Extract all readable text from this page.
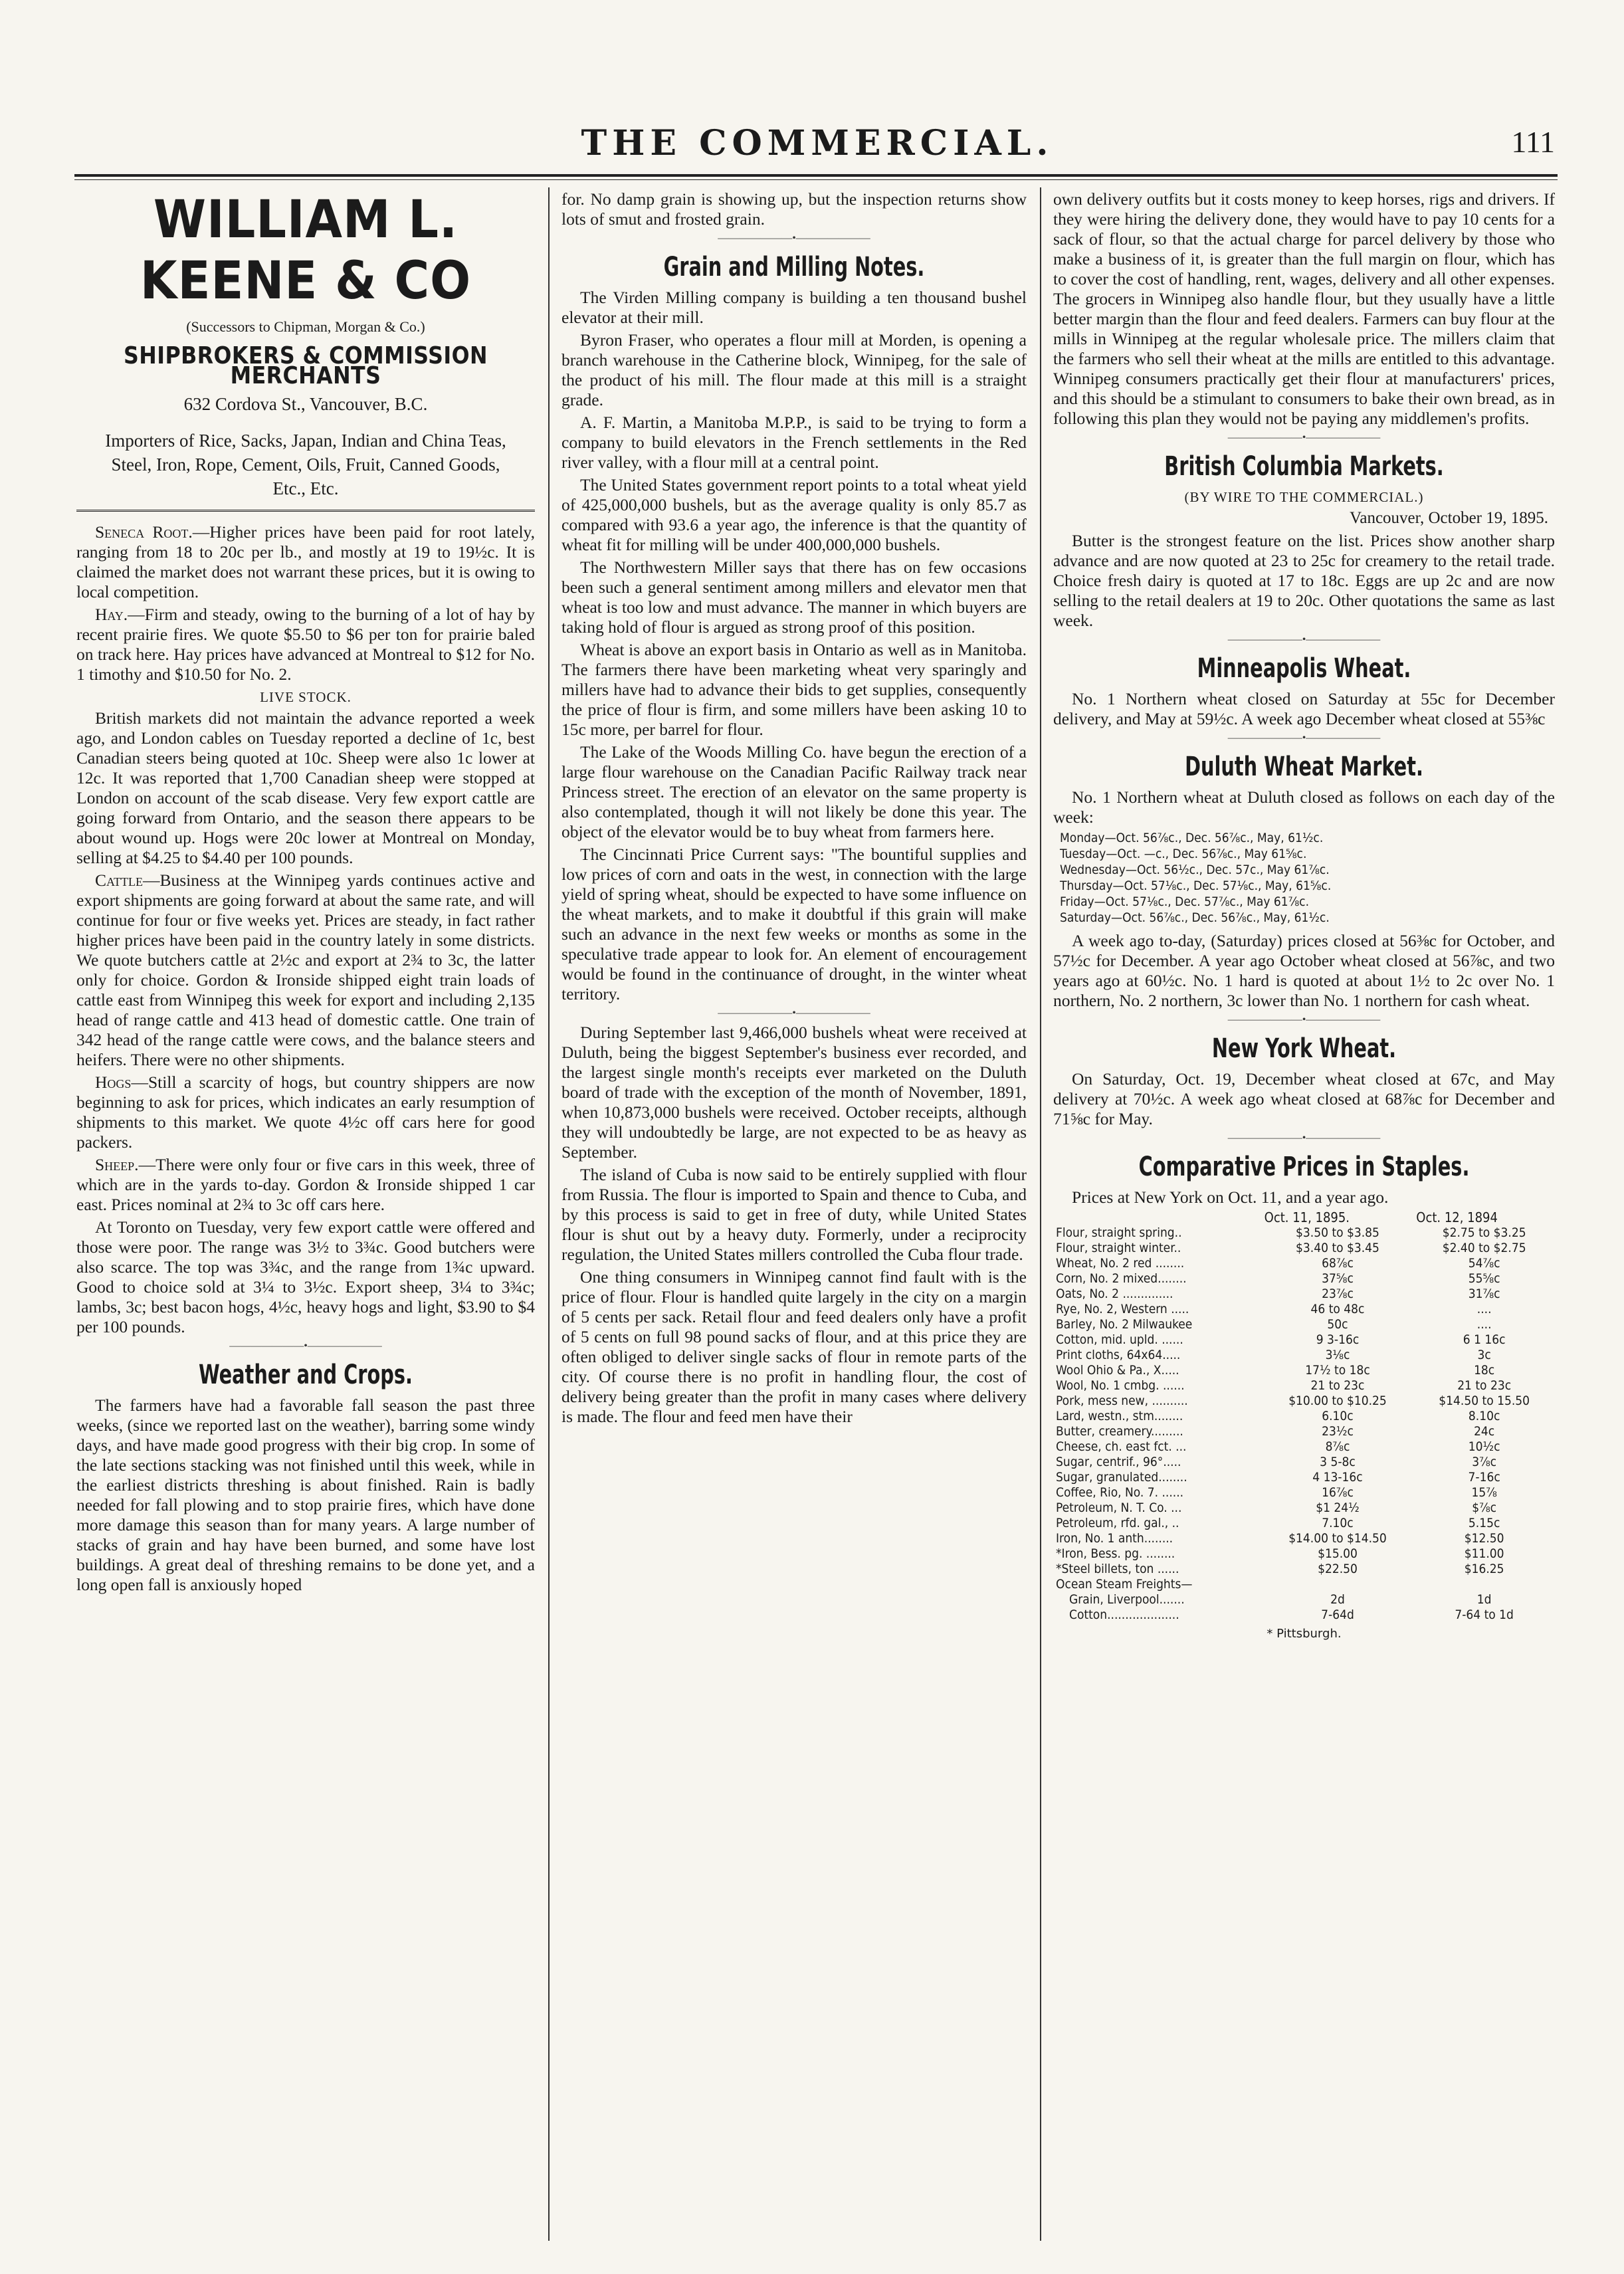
THE COMMERCIAL.	111
WILLIAM L. KEENE & CO
(Successors to Chipman, Morgan & Co.)
SHIPBROKERS & COMMISSION MERCHANTS
632 Cordova St., Vancouver, B.C.
Importers of Rice, Sacks, Japan, Indian and China Teas, Steel, Iron, Rope, Cement, Oils, Fruit, Canned Goods, Etc., Etc.

Seneca Root.—Higher prices have been paid for root lately, ranging from 18 to 20c per lb., and mostly at 19 to 19½c. It is claimed the market does not warrant these prices, but it is owing to local competition.

Hay.—Firm and steady, owing to the burning of a lot of hay by recent prairie fires. We quote $5.50 to $6 per ton for prairie baled on track here. Hay prices have advanced at Montreal to $12 for No. 1 timothy and $10.50 for No. 2.

LIVE STOCK.

British markets did not maintain the advance reported a week ago, and London cables on Tuesday reported a decline of 1c, best Canadian steers being quoted at 10c. Sheep were also 1c lower at 12c. It was reported that 1,700 Canadian sheep were stopped at London on account of the scab disease. Very few export cattle are going forward from Ontario, and the season there appears to be about wound up. Hogs were 20c lower at Montreal on Monday, selling at $4.25 to $4.40 per 100 pounds.

Cattle—Business at the Winnipeg yards continues active and export shipments are going forward at about the same rate, and will continue for four or five weeks yet. Prices are steady, in fact rather higher prices have been paid in the country lately in some districts. We quote butchers cattle at 2½c and export at 2¾ to 3c, the latter only for choice. Gordon & Ironside shipped eight train loads of cattle east from Winnipeg this week for export and including 2,135 head of range cattle and 413 head of domestic cattle. One train of 342 head of the range cattle were cows, and the balance steers and heifers. There were no other shipments.

Hogs—Still a scarcity of hogs, but country shippers are now beginning to ask for prices, which indicates an early resumption of shipments to this market. We quote 4½c off cars here for good packers.

Sheep.—There were only four or five cars in this week, three of which are in the yards to-day. Gordon & Ironside shipped 1 car east. Prices nominal at 2¾ to 3c off cars here.

At Toronto on Tuesday, very few export cattle were offered and those were poor. The range was 3½ to 3¾c. Good butchers were also scarce. The top was 3¾c, and the range from 1¾c upward. Good to choice sold at 3¼ to 3½c. Export sheep, 3¼ to 3¾c; lambs, 3c; best bacon hogs, 4½c, heavy hogs and light, $3.90 to $4 per 100 pounds.

———————•———————
Weather and Crops.

The farmers have had a favorable fall season the past three weeks, (since we reported last on the weather), barring some windy days, and have made good progress with their big crop. In some of the late sections stacking was not finished until this week, while in the earliest districts threshing is about finished. Rain is badly needed for fall plowing and to stop prairie fires, which have done more damage this season than for many years. A large number of stacks of grain and hay have been burned, and some have lost buildings. A great deal of threshing remains to be done yet, and a long open fall is anxiously hoped

for. No damp grain is showing up, but the inspection returns show lots of smut and frosted grain.

———————•———————
Grain and Milling Notes.

The Virden Milling company is building a ten thousand bushel elevator at their mill.

Byron Fraser, who operates a flour mill at Morden, is opening a branch warehouse in the Catherine block, Winnipeg, for the sale of the product of his mill. The flour made at this mill is a straight grade.

A. F. Martin, a Manitoba M.P.P., is said to be trying to form a company to build elevators in the French settlements in the Red river valley, with a flour mill at a central point.

The United States government report points to a total wheat yield of 425,000,000 bushels, but as the average quality is only 85.7 as compared with 93.6 a year ago, the inference is that the quantity of wheat fit for milling will be under 400,000,000 bushels.

The Northwestern Miller says that there has on few occasions been such a general sentiment among millers and elevator men that wheat is too low and must advance. The manner in which buyers are taking hold of flour is argued as strong proof of this position.

Wheat is above an export basis in Ontario as well as in Manitoba. The farmers there have been marketing wheat very sparingly and millers have had to advance their bids to get supplies, consequently the price of flour is firm, and some millers have been asking 10 to 15c more, per barrel for flour.

The Lake of the Woods Milling Co. have begun the erection of a large flour warehouse on the Canadian Pacific Railway track near Princess street. The erection of an elevator on the same property is also contemplated, though it will not likely be done this year. The object of the elevator would be to buy wheat from farmers here.

The Cincinnati Price Current says: "The bountiful supplies and low prices of corn and oats in the west, in connection with the large yield of spring wheat, should be expected to have some influence on the wheat markets, and to make it doubtful if this grain will make such an advance in the next few weeks or months as some in the speculative trade appear to look for. An element of encouragement would be found in the continuance of drought, in the winter wheat territory.

———————•———————

During September last 9,466,000 bushels wheat were received at Duluth, being the biggest September's business ever recorded, and the largest single month's receipts ever marketed on the Duluth board of trade with the exception of the month of November, 1891, when 10,873,000 bushels were received. October receipts, although they will undoubtedly be large, are not expected to be as heavy as September.

The island of Cuba is now said to be entirely supplied with flour from Russia. The flour is imported to Spain and thence to Cuba, and by this process is said to get in free of duty, while United States flour is shut out by a heavy duty. Formerly, under a reciprocity regulation, the United States millers controlled the Cuba flour trade.

One thing consumers in Winnipeg cannot find fault with is the price of flour. Flour is handled quite largely in the city on a margin of 5 cents per sack. Retail flour and feed dealers only have a profit of 5 cents on full 98 pound sacks of flour, and at this price they are often obliged to deliver single sacks of flour in remote parts of the city. Of course there is no profit in handling flour, the cost of delivery being greater than the profit in many cases where delivery is made. The flour and feed men have their

own delivery outfits but it costs money to keep horses, rigs and drivers. If they were hiring the delivery done, they would have to pay 10 cents for a sack of flour, so that the actual charge for parcel delivery by those who make a business of it, is greater than the full margin on flour, which has to cover the cost of handling, rent, wages, delivery and all other expenses. The grocers in Winnipeg also handle flour, but they usually have a little better margin than the flour and feed dealers. Farmers can buy flour at the mills in Winnipeg at the regular wholesale price. The millers claim that the farmers who sell their wheat at the mills are entitled to this advantage. Winnipeg consumers practically get their flour at manufacturers' prices, and this should be a stimulant to consumers to bake their own bread, as in following this plan they would not be paying any middlemen's profits.

———————•———————
British Columbia Markets.
(BY WIRE TO THE COMMERCIAL.)
Vancouver, October 19, 1895.

Butter is the strongest feature on the list. Prices show another sharp advance and are now quoted at 23 to 25c for creamery to the retail trade. Choice fresh dairy is quoted at 17 to 18c. Eggs are up 2c and are now selling to the retail dealers at 19 to 20c. Other quotations the same as last week.

———————•———————
Minneapolis Wheat.

No. 1 Northern wheat closed on Saturday at 55c for December delivery, and May at 59½c. A week ago December wheat closed at 55⅜c

———————•———————
Duluth Wheat Market.

No. 1 Northern wheat at Duluth closed as follows on each day of the week:

Monday—Oct. 56⅞c., Dec. 56⅞c., May, 61½c.
Tuesday—Oct. —c., Dec. 56⅞c., May 61⅝c.
Wednesday—Oct. 56½c., Dec. 57c., May 61⅞c.
Thursday—Oct. 57⅛c., Dec. 57⅛c., May, 61⅝c.
Friday—Oct. 57⅛c., Dec. 57⅞c., May 61⅞c.
Saturday—Oct. 56⅞c., Dec. 56⅞c., May, 61½c.

A week ago to-day, (Saturday) prices closed at 56⅜c for October, and 57½c for December. A year ago October wheat closed at 56⅞c, and two years ago at 60½c. No. 1 hard is quoted at about 1½ to 2c over No. 1 northern, No. 2 northern, 3c lower than No. 1 northern for cash wheat.

———————•———————
New York Wheat.

On Saturday, Oct. 19, December wheat closed at 67c, and May delivery at 70½c. A week ago wheat closed at 68⅞c for December and 71⅝c for May.

———————•———————
Comparative Prices in Staples.

Prices at New York on Oct. 11, and a year ago.

	Oct. 11, 1895.	Oct. 12, 1894
Flour, straight spring..	$3.50 to $3.85	$2.75 to $3.25
Flour, straight winter..	$3.40 to $3.45	$2.40 to $2.75
Wheat, No. 2 red ........	68⅞c	54⅞c
Corn, No. 2 mixed........	37⅝c	55⅝c
Oats, No. 2 ..............	23⅞c	31⅞c
Rye, No. 2, Western .....	46 to 48c	....
Barley, No. 2 Milwaukee	50c	....
Cotton, mid. upld. ......	9 3-16c	6 1 16c
Print cloths, 64x64.....	3⅛c	3c
Wool Ohio & Pa., X.....	17½ to 18c	18c
Wool, No. 1 cmbg. ......	21 to 23c	21 to 23c
Pork, mess new, ..........	$10.00 to $10.25	$14.50 to 15.50
Lard, westn., stm........	6.10c	8.10c
Butter, creamery.........	23½c	24c
Cheese, ch. east fct. ...	8⅞c	10½c
Sugar, centrif., 96°.....	3 5-8c	3⅞c
Sugar, granulated........	4 13-16c	7-16c
Coffee, Rio, No. 7. ......	16⅞c	15⅞
Petroleum, N. T. Co. ...	$1 24½	$⅞c
Petroleum, rfd. gal., ..	7.10c	5.15c
Iron, No. 1 anth........	$14.00 to $14.50	$12.50
*Iron, Bess. pg. ........	$15.00	$11.00
*Steel billets, ton ......	$22.50	$16.25
Ocean Steam Freights—		
Grain, Liverpool.......	2d	1d
Cotton....................	7-64d	7-64 to 1d
* Pittsburgh.
